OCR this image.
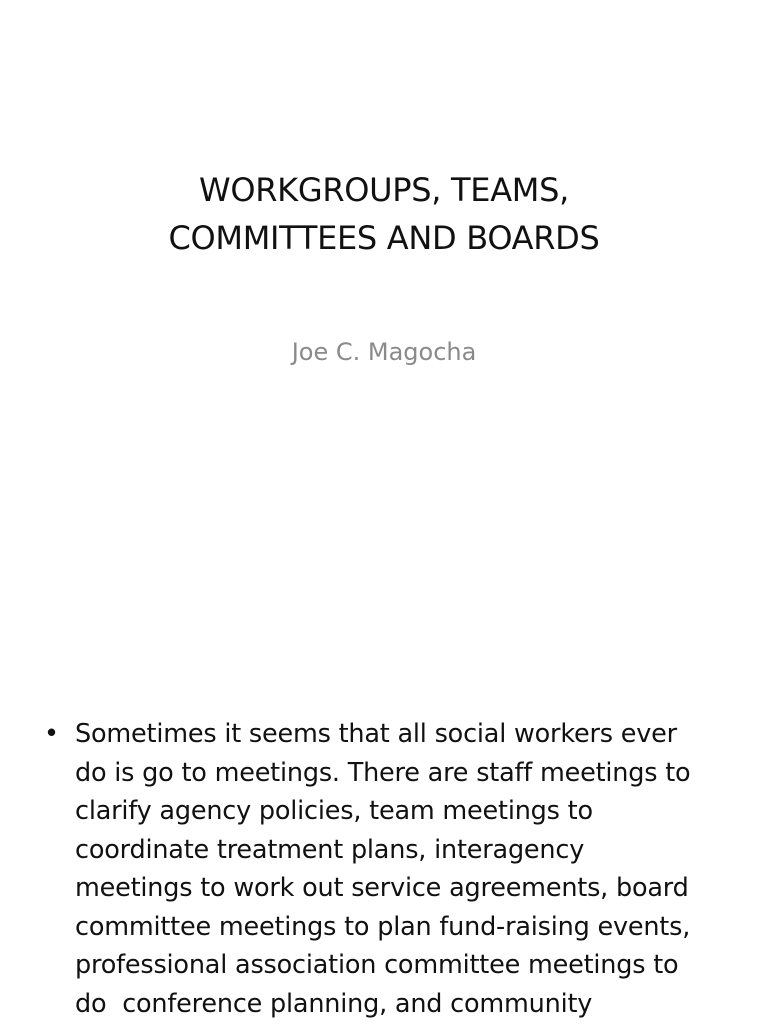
WORKGROUPS, TEAMS,
COMMITTEES AND BOARDS
Joe C. Magocha
• Sometimes it seems that all social workers ever
do is go to meetings. There are staff meetings to
clarify agency policies, team meetings to
coordinate treatment plans, interagency
meetings to work out service agreements, board
committee meetings to plan fund-raising events,
professional association committee meetings to
do  conference planning, and community
